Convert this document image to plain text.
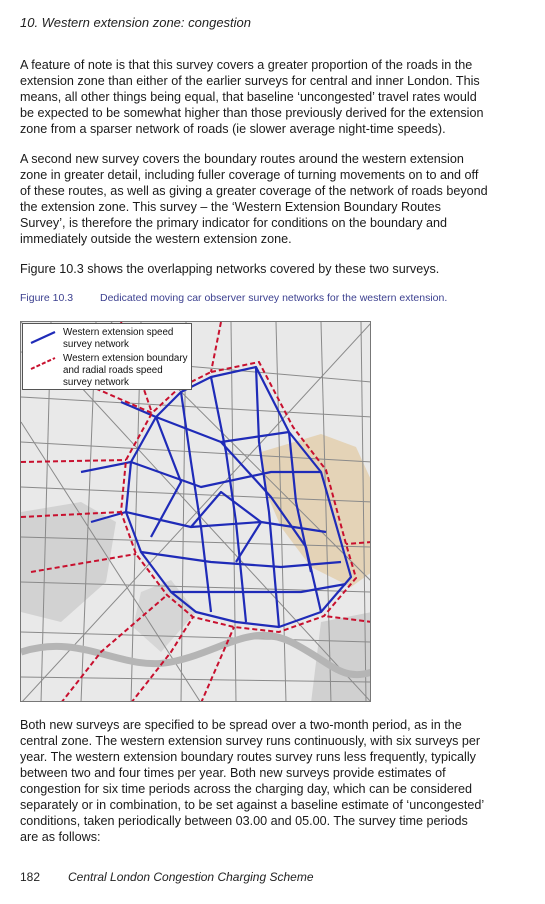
10. Western extension zone: congestion

A feature of note is that this survey covers a greater proportion of the roads in the extension zone than either of the earlier surveys for central and inner London. This means, all other things being equal, that baseline ‘uncongested’ travel rates would be expected to be somewhat higher than those previously derived for the extension zone from a sparser network of roads (ie slower average night-time speeds).

A second new survey covers the boundary routes around the western extension zone in greater detail, including fuller coverage of turning movements on to and off of these routes, as well as giving a greater coverage of the network of roads beyond the extension zone. This survey – the ‘Western Extension Boundary Routes Survey’, is therefore the primary indicator for conditions on the boundary and immediately outside the western extension zone.

Figure 10.3 shows the overlapping networks covered by these two surveys.

Figure 10.3	Dedicated moving car observer survey networks for the western extension.
Western extension speed survey network
Western extension boundary and radial roads speed survey network

Both new surveys are specified to be spread over a two-month period, as in the central zone. The western extension survey runs continuously, with six surveys per year. The western extension boundary routes survey runs less frequently, typically between two and four times per year. Both new surveys provide estimates of congestion for six time periods across the charging day, which can be considered separately or in combination, to be set against a baseline estimate of ‘uncongested’ conditions, taken periodically between 03.00 and 05.00. The survey time periods are as follows:

182 Central London Congestion Charging Scheme
